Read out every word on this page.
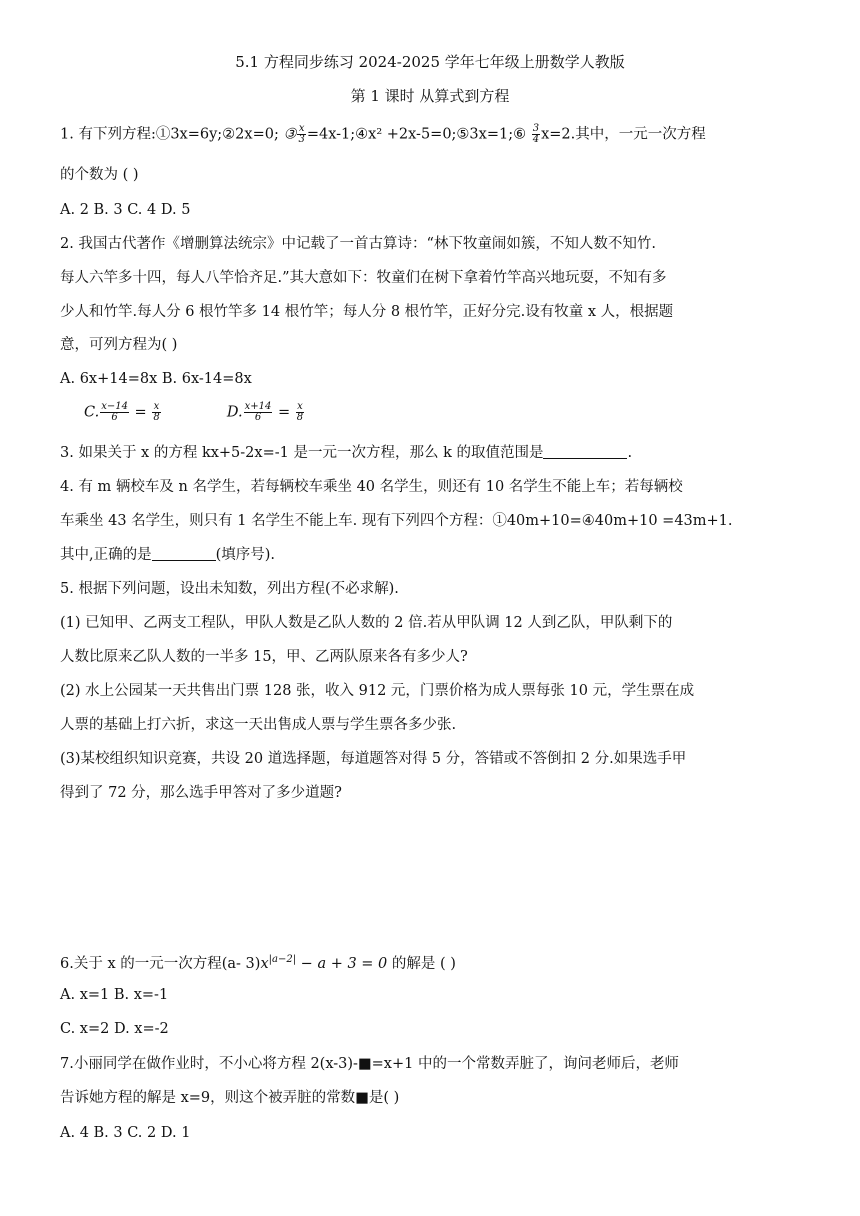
5.1 方程同步练习 2024-2025 学年七年级上册数学人教版
第 1 课时 从算式到方程
1. 有下列方程:①3x=6y;②2x=0; ③ $\frac{x}{3}$ =4x-1;④x² +2x-5=0;⑤3x=1;⑥ $\frac{3}{4} x=2$.其中，一元一次方程
的个数为 ( )
A. 2 B. 3 C. 4 D. 5
2. 我国古代著作《增删算法统宗》中记载了一首古算诗：“林下牧童闹如簇，不知人数不知竹.
每人六竿多十四，每人八竿恰齐足.”其大意如下：牧童们在树下拿着竹竿高兴地玩耍，不知有多
少人和竹竿.每人分 6 根竹竿多 14 根竹竿；每人分 8 根竹竿，正好分完.设有牧童 x 人，根据题
意，可列方程为( )
A. 6x+14=8x B. 6x-14=8x
C. $\frac{x-14}{6} = \frac{x}{8}$	D. $\frac{x+14}{6} = \frac{x}{8}$
3. 如果关于 x 的方程 kx+5-2x=-1 是一元一次方程，那么 k 的取值范围是	.
4. 有 m 辆校车及 n 名学生，若每辆校车乘坐 40 名学生，则还有 10 名学生不能上车；若每辆校
车乘坐 43 名学生，则只有 1 名学生不能上车. 现有下列四个方程：①40m+10=④40m+10 =43m+1.
其中,正确的是	(填序号).
5. 根据下列问题，设出未知数，列出方程(不必求解).
(1) 已知甲、乙两支工程队，甲队人数是乙队人数的 2 倍.若从甲队调 12 人到乙队，甲队剩下的
人数比原来乙队人数的一半多 15，甲、乙两队原来各有多少人?
(2) 水上公园某一天共售出门票 128 张，收入 912 元，门票价格为成人票每张 10 元，学生票在成
人票的基础上打六折，求这一天出售成人票与学生票各多少张.
(3)某校组织知识竞赛，共设 20 道选择题，每道题答对得 5 分，答错或不答倒扣 2 分.如果选手甲
得到了 72 分，那么选手甲答对了多少道题?
6.关于 x 的一元一次方程(a- $3)x^{|a-2|} - a + 3 = 0$ 的解是 ( )
A. x=1 B. x=-1
C. x=2 D. x=-2
7.小丽同学在做作业时，不小心将方程 2(x-3)-■=x+1 中的一个常数弄脏了，询问老师后，老师
告诉她方程的解是 x=9，则这个被弄脏的常数■是( )
A. 4 B. 3 C. 2 D. 1
